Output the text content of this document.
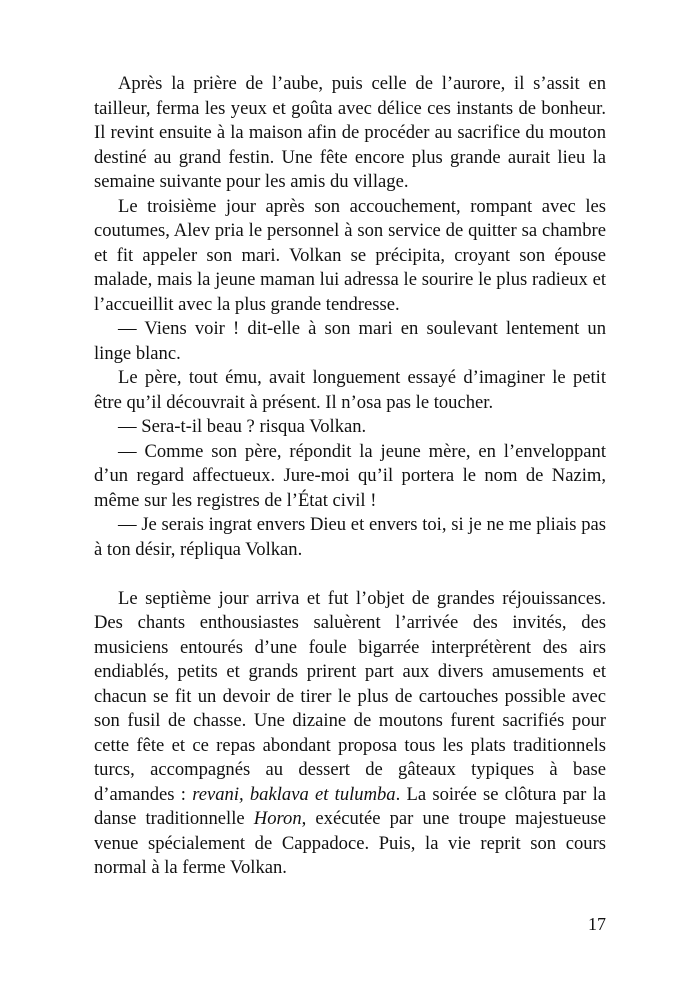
Après la prière de l’aube, puis celle de l’aurore, il s’assit en tailleur, ferma les yeux et goûta avec délice ces instants de bonheur. Il revint ensuite à la maison afin de procéder au sacrifice du mouton destiné au grand festin. Une fête encore plus grande aurait lieu la semaine suivante pour les amis du village.

Le troisième jour après son accouchement, rompant avec les coutumes, Alev pria le personnel à son service de quitter sa chambre et fit appeler son mari. Volkan se précipita, croyant son épouse malade, mais la jeune maman lui adressa le sourire le plus radieux et l’accueillit avec la plus grande tendresse.

— Viens voir ! dit-elle à son mari en soulevant lentement un linge blanc.

Le père, tout ému, avait longuement essayé d’imaginer le petit être qu’il découvrait à présent. Il n’osa pas le toucher.

— Sera-t-il beau ? risqua Volkan.

— Comme son père, répondit la jeune mère, en l’enveloppant d’un regard affectueux. Jure-moi qu’il portera le nom de Nazim, même sur les registres de l’État civil !

— Je serais ingrat envers Dieu et envers toi, si je ne me pliais pas à ton désir, répliqua Volkan.

Le septième jour arriva et fut l’objet de grandes réjouissances. Des chants enthousiastes saluèrent l’arrivée des invités, des musiciens entourés d’une foule bigarrée interprétèrent des airs endiablés, petits et grands prirent part aux divers amusements et chacun se fit un devoir de tirer le plus de cartouches possible avec son fusil de chasse. Une dizaine de moutons furent sacrifiés pour cette fête et ce repas abondant proposa tous les plats traditionnels turcs, accompagnés au dessert de gâteaux typiques à base d’amandes : revani, baklava et tulumba. La soirée se clôtura par la danse traditionnelle Horon, exécutée par une troupe majestueuse venue spécialement de Cappadoce. Puis, la vie reprit son cours normal à la ferme Volkan.

17
